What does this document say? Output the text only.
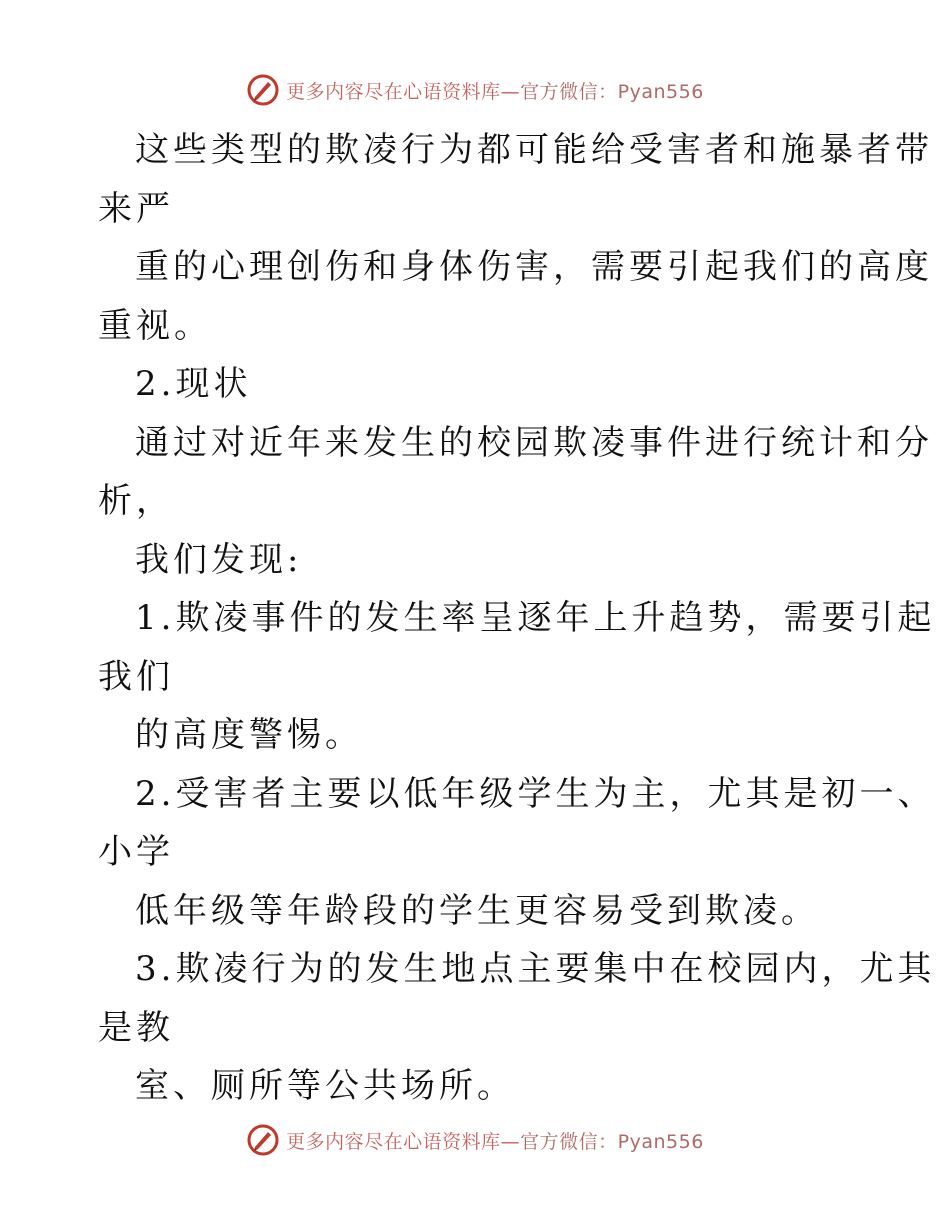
更多内容尽在心语资料库—官方微信：Pyan556
这些类型的欺凌行为都可能给受害者和施暴者带
来严
重的心理创伤和身体伤害，需要引起我们的高度
重视。
2.现状
通过对近年来发生的校园欺凌事件进行统计和分
析，
我们发现:
1.欺凌事件的发生率呈逐年上升趋势，需要引起
我们
的高度警惕。
2.受害者主要以低年级学生为主，尤其是初一、
小学
低年级等年龄段的学生更容易受到欺凌。
3.欺凌行为的发生地点主要集中在校园内，尤其
是教
室、厕所等公共场所。
更多内容尽在心语资料库—官方微信：Pyan556
